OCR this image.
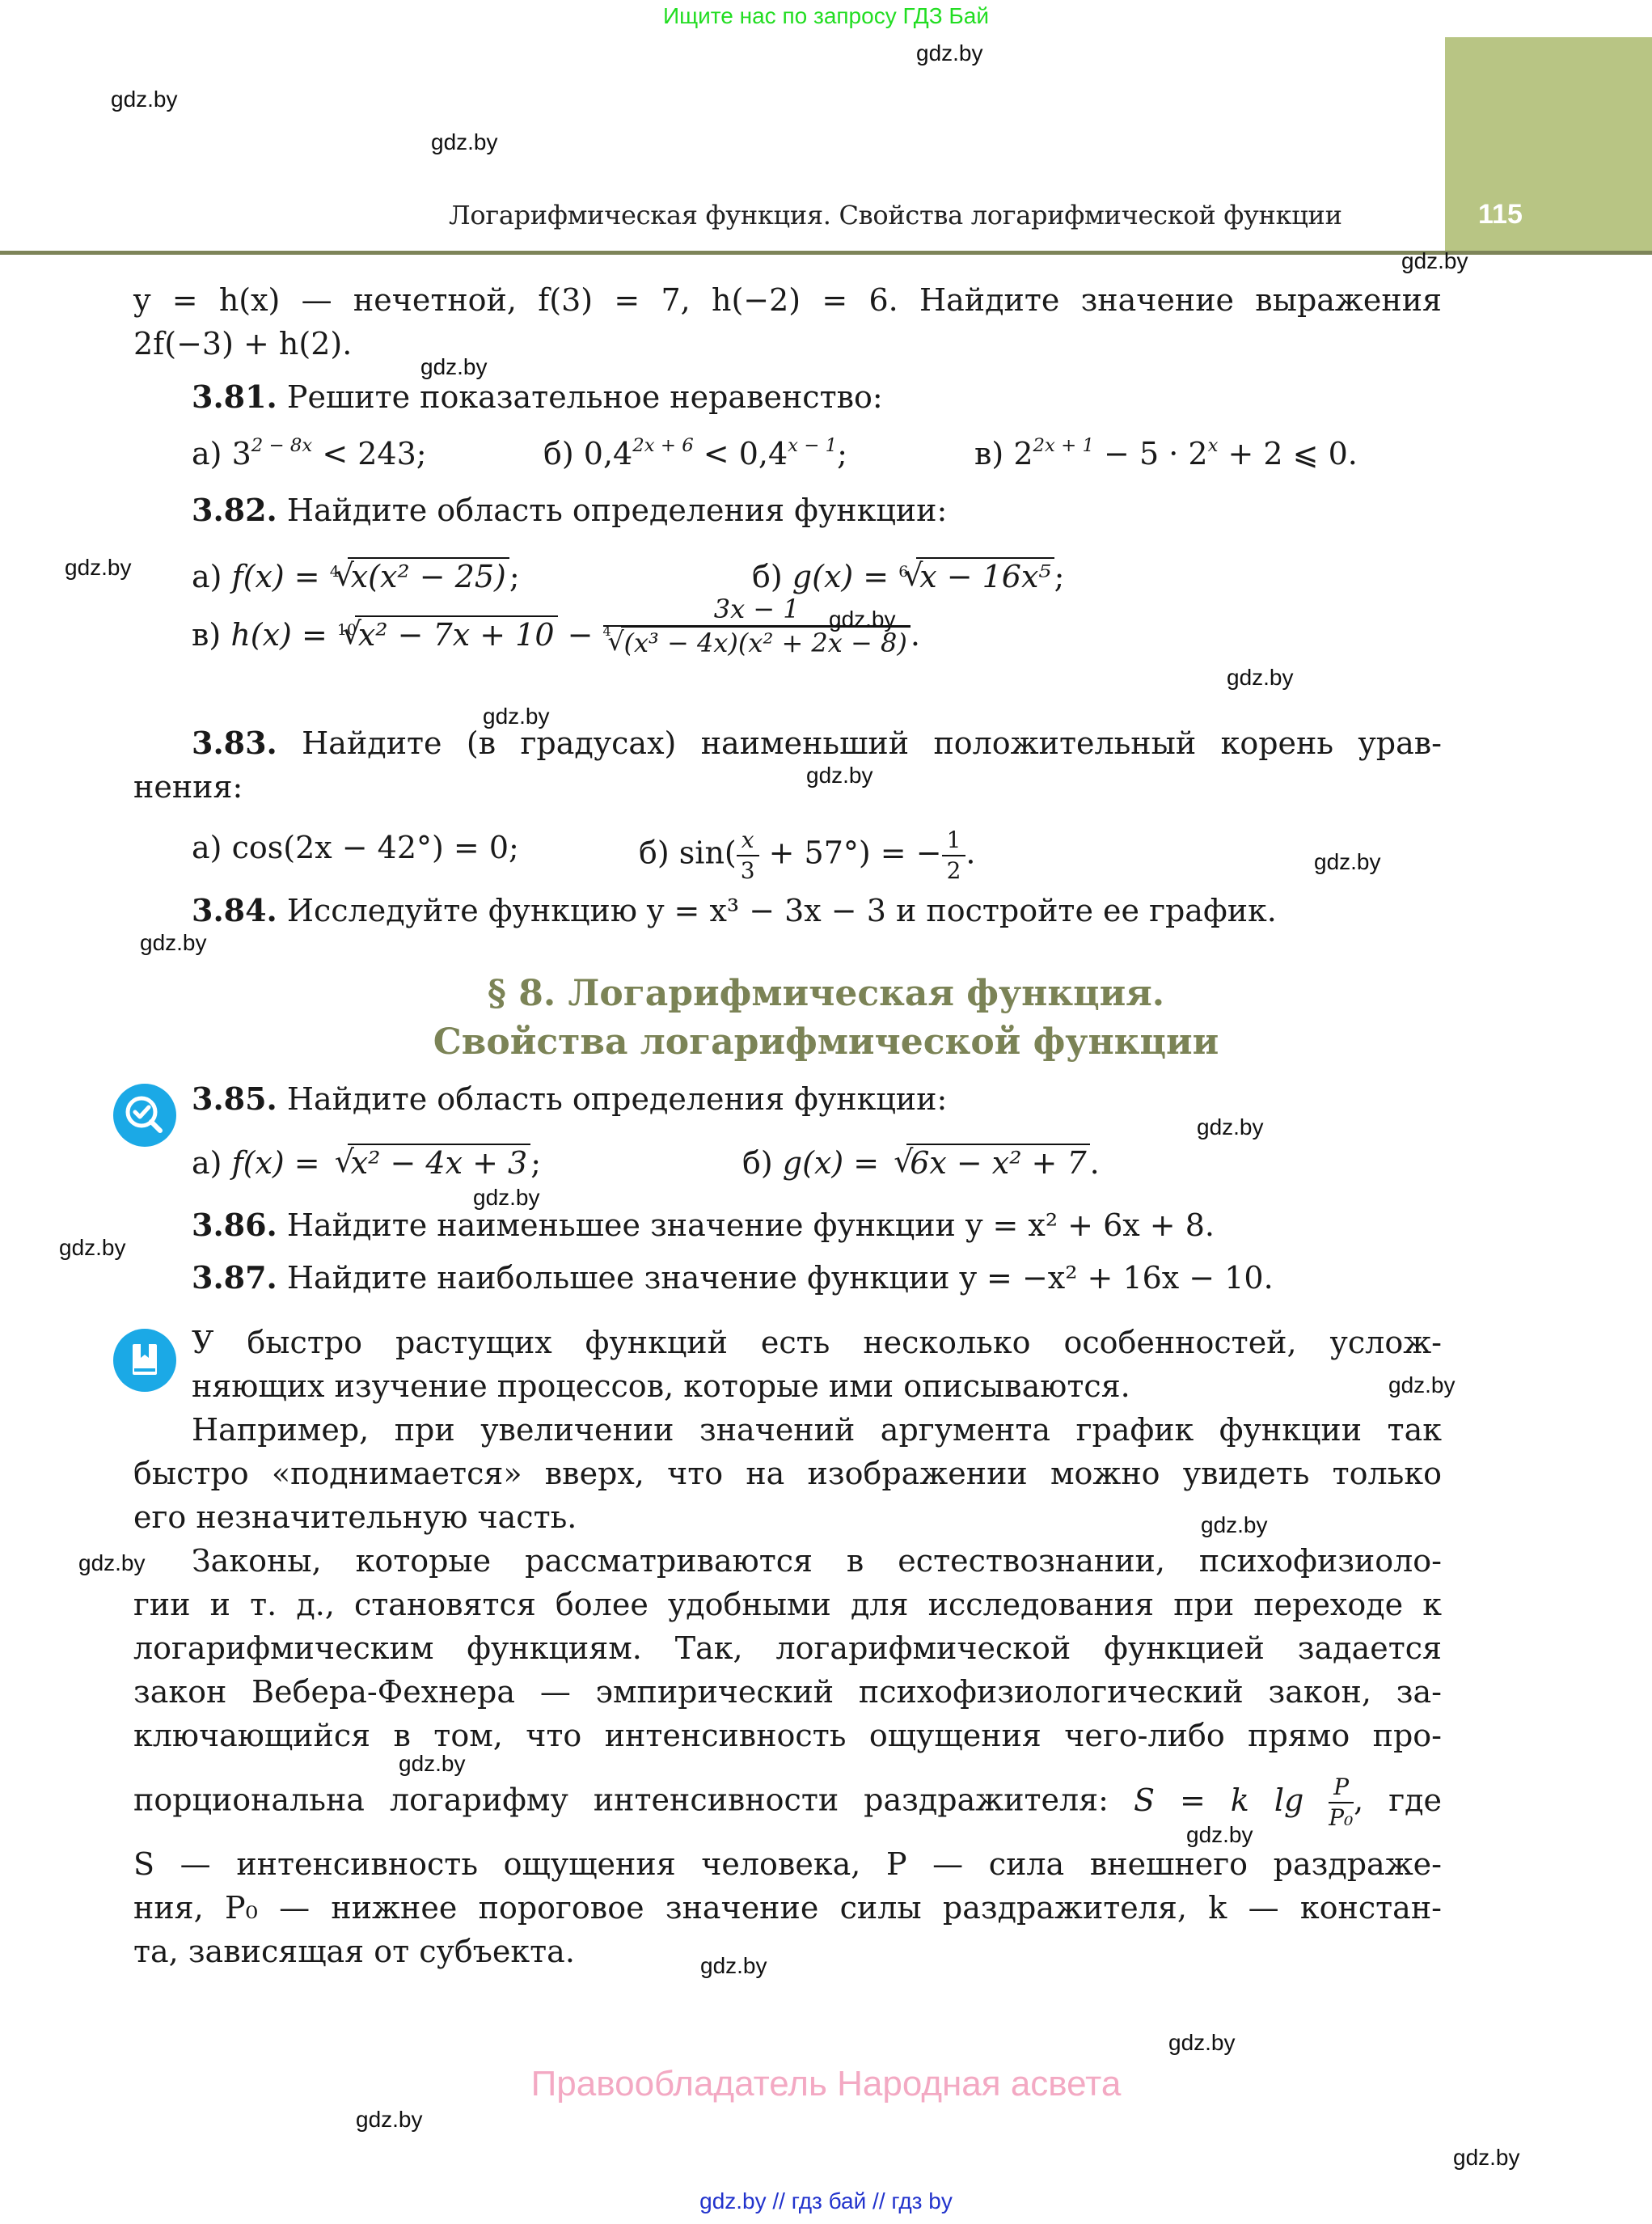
Ищите нас по запросу ГДЗ Бай
115
Логарифмическая функция. Свойства логарифмической функции
gdz.by
gdz.by
gdz.by
gdz.by
gdz.by
gdz.by
gdz.by
gdz.by
gdz.by
gdz.by
gdz.by
gdz.by
gdz.by
gdz.by
gdz.by
gdz.by
gdz.by
gdz.by
gdz.by
gdz.by
gdz.by
gdz.by
gdz.by
gdz.by
y = h(x) — нечетной, f(3) = 7, h(−2) = 6. Найдите значение выражения
2f(−3) + h(2).
3.81. Решите показательное неравенство:
а) $3^{2 - 8x} < 243$;	б) $0,4^{2x + 6} < 0,4^{x - 1}$;	в) $2^{2x + 1} - 5 \cdot 2^x + 2$ ⩽ 0.
3.82. Найдите область определения функции:
а) f(x) = 4 √ x(x² − 25) ;	б) g(x) = 6 √ x − 16x⁵ ;
в) h(x) = 10 √ $x^2 - 7x + 10 - \frac{3x - 1}{\text{4 √ (x³ − 4x)(x² + 2x − 8)}}$ .
3.83. Найдите (в градусах) наименьший положительный корень урав-
нения:
а) cos(2x − 42°) = 0;	б) $\sin( \frac{x}{3} + 57^\circ)$ = − $\frac{1}{2}$ .
3.84. Исследуйте функцию y = x³ − 3x − 3 и постройте ее график.
§ 8. Логарифмическая функция.
Свойства логарифмической функции
3.85. Найдите область определения функции:
а) f(x) = √ x² − 4x + 3 ;	б) g(x) = √ 6x − x² + 7 .
3.86. Найдите наименьшее значение функции y = x² + 6x + 8.
3.87. Найдите наибольшее значение функции y = −x² + 16x − 10.
У быстро растущих функций есть несколько особенностей, услож-
няющих изучение процессов, которые ими описываются.
Например, при увеличении значений аргумента график функции так
быстро «поднимается» вверх, что на изображении можно увидеть только
его незначительную часть.
Законы, которые рассматриваются в естествознании, психофизиоло-
гии и т. д., становятся более удобными для исследования при переходе к
логарифмическим функциям. Так, логарифмической функцией задается
закон Вебера-Фехнера — эмпирический психофизиологический закон, за-
ключающийся в том, что интенсивность ощущения чего-либо прямо про-
S — интенсивность ощущения человека, P — сила внешнего раздраже-
ния, P₀ — нижнее пороговое значение силы раздражителя, k — констан-
та, зависящая от субъекта.
порциональна логарифму интенсивности раздражителя: S = k $\lg \frac{P}{\text{P₀}}$ , где
Правообладатель Народная асвета
gdz.by // гдз бай // гдз by
